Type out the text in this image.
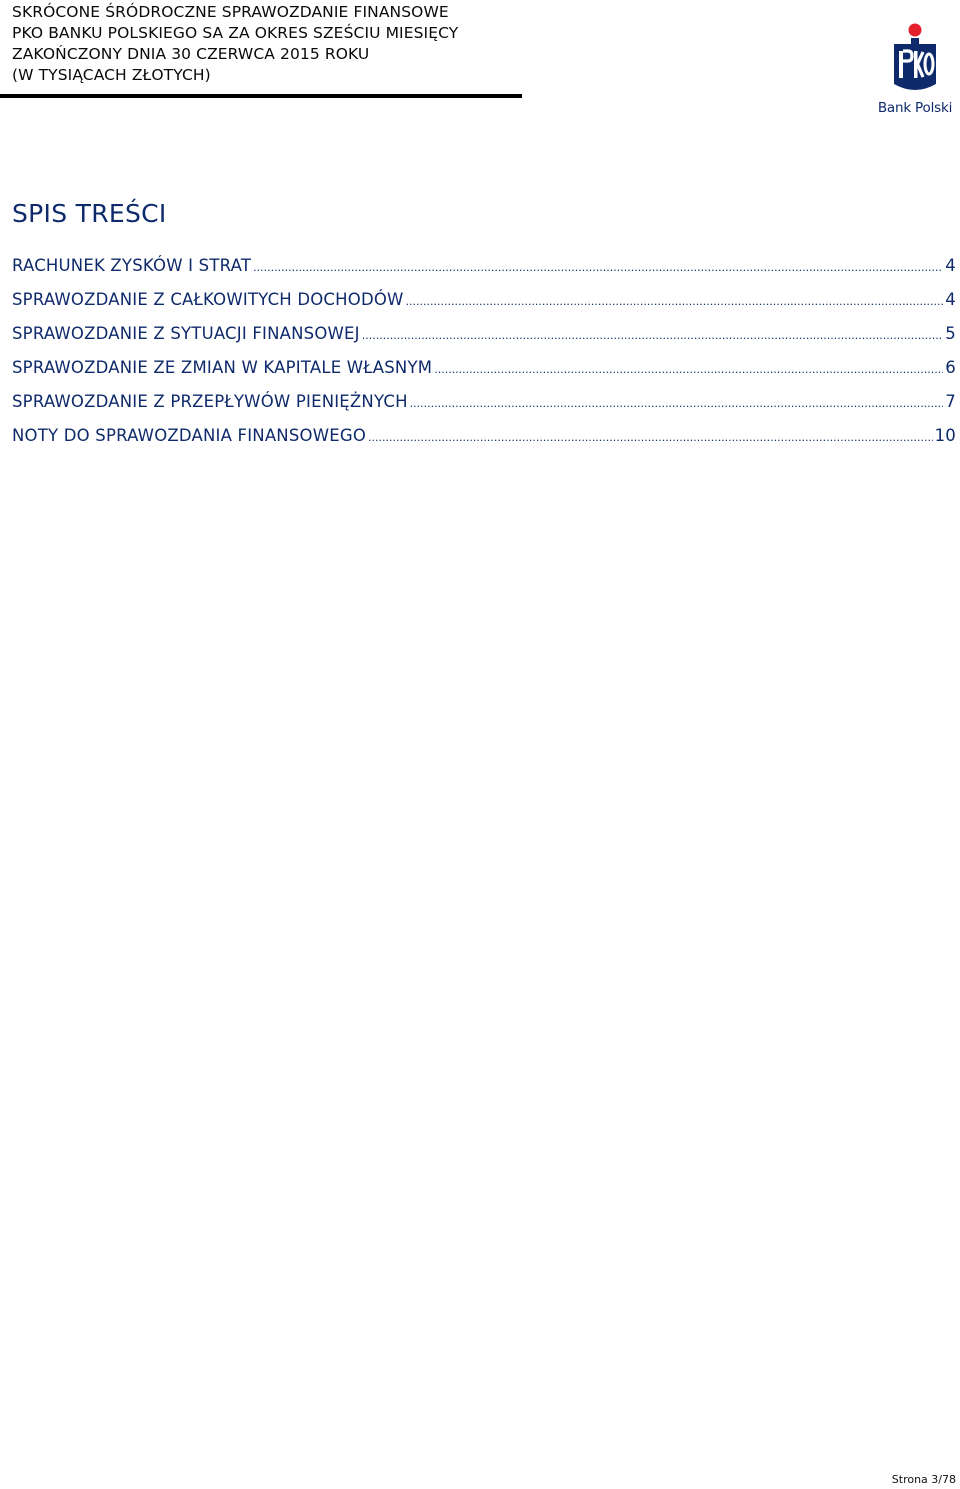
SKRÓCONE ŚRÓDROCZNE SPRAWOZDANIE FINANSOWE
PKO BANKU POLSKIEGO SA ZA OKRES SZEŚCIU MIESIĘCY
ZAKOŃCZONY DNIA 30 CZERWCA 2015 ROKU
(W TYSIĄCACH ZŁOTYCH)
Bank Polski
SPIS TREŚCI
RACHUNEK ZYSKÓW I STRAT .....	4
SPRAWOZDANIE Z CAŁKOWITYCH DOCHODÓW .....	4
SPRAWOZDANIE Z SYTUACJI FINANSOWEJ .....	5
SPRAWOZDANIE ZE ZMIAN W KAPITALE WŁASNYM .....	6
SPRAWOZDANIE Z PRZEPŁYWÓW PIENIĘŻNYCH .....	7
NOTY DO SPRAWOZDANIA FINANSOWEGO .....	10
Strona 3/78
